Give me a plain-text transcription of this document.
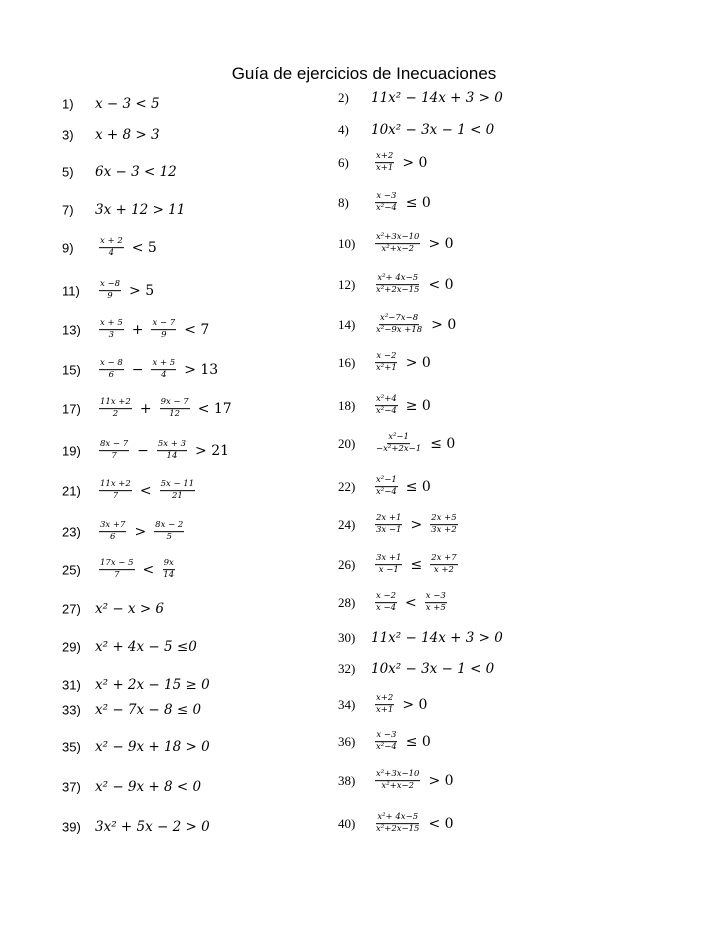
Guía de ejercicios de Inecuaciones
1) x − 3 < 5	2) 11x² − 14x + 3 > 0
3) x + 8 > 3	4) 10x² − 3x − 1 < 0
5) 6x − 3 < 12
6)	$\frac{x+2}{x+1} > 0$
7) 3x + 12 > 11	8)	$\frac{x -3}{\text{x²−4}} \le 0$
9)	$\frac{x + 2}{4} < 5$	$10) \frac{\text{x²+3x−10}}{\text{x²+x−2}} > 0$
$11) \frac{x -8}{9} > 5$	$12) \frac{\text{x²+ 4x−5}}{\text{x²+2x−15}} < 0$
$13) \frac{x + 5}{3} + \frac{x - 7}{9} < 7$	$14) \frac{\text{x²−7x−8}}{\text{x²−9x +18}} > 0$
$15) \frac{x - 8}{6} - \frac{x + 5}{4} > 13$	$16) \frac{x -2}{\text{x²+1}} > 0$
$17) \frac{11x +2}{2} + \frac{9x - 7}{12} < 17$	$18) \frac{\text{x²+4}}{\text{x²−4}} \ge 0$
$19) \frac{8x - 7}{7} - \frac{5x + 3}{14} > 21$	$20) \frac{\text{x²−1}}{\text{−x²+2x−1}} \le 0$
$21) \frac{11x +2}{7} < \frac{5x - 11}{21}$	$22) \frac{\text{x²−1}}{\text{x²−4}} \le 0$
$23) \frac{3x +7}{6} > \frac{8x - 2}{5}$	$24) \frac{2x +1}{3x -1} > \frac{2x +5}{3x +2}$
$25) \frac{17x - 5}{7} < \frac{9x}{14}$	$26) \frac{3x +1}{x -1} \le \frac{2x +7}{x +2}$
27) x² − x > 6	$28) \frac{x -2}{x -4} < \frac{x -3}{x +5}$
29) x² + 4x − 5 ≤0
30) 11x² − 14x + 3 > 0
31) x² + 2x − 15 ≥ 0
32) 10x² − 3x − 1 < 0
33) x² − 7x − 8 ≤ 0	$34) \frac{x+2}{x+1} > 0$
35) x² − 9x + 18 > 0	$36) \frac{x -3}{\text{x²−4}} \le 0$
37) x² − 9x + 8 < 0	$38) \frac{\text{x²+3x−10}}{\text{x²+x−2}} > 0$
39) 3x² + 5x − 2 > 0	$40) \frac{\text{x²+ 4x−5}}{\text{x²+2x−15}} < 0$
